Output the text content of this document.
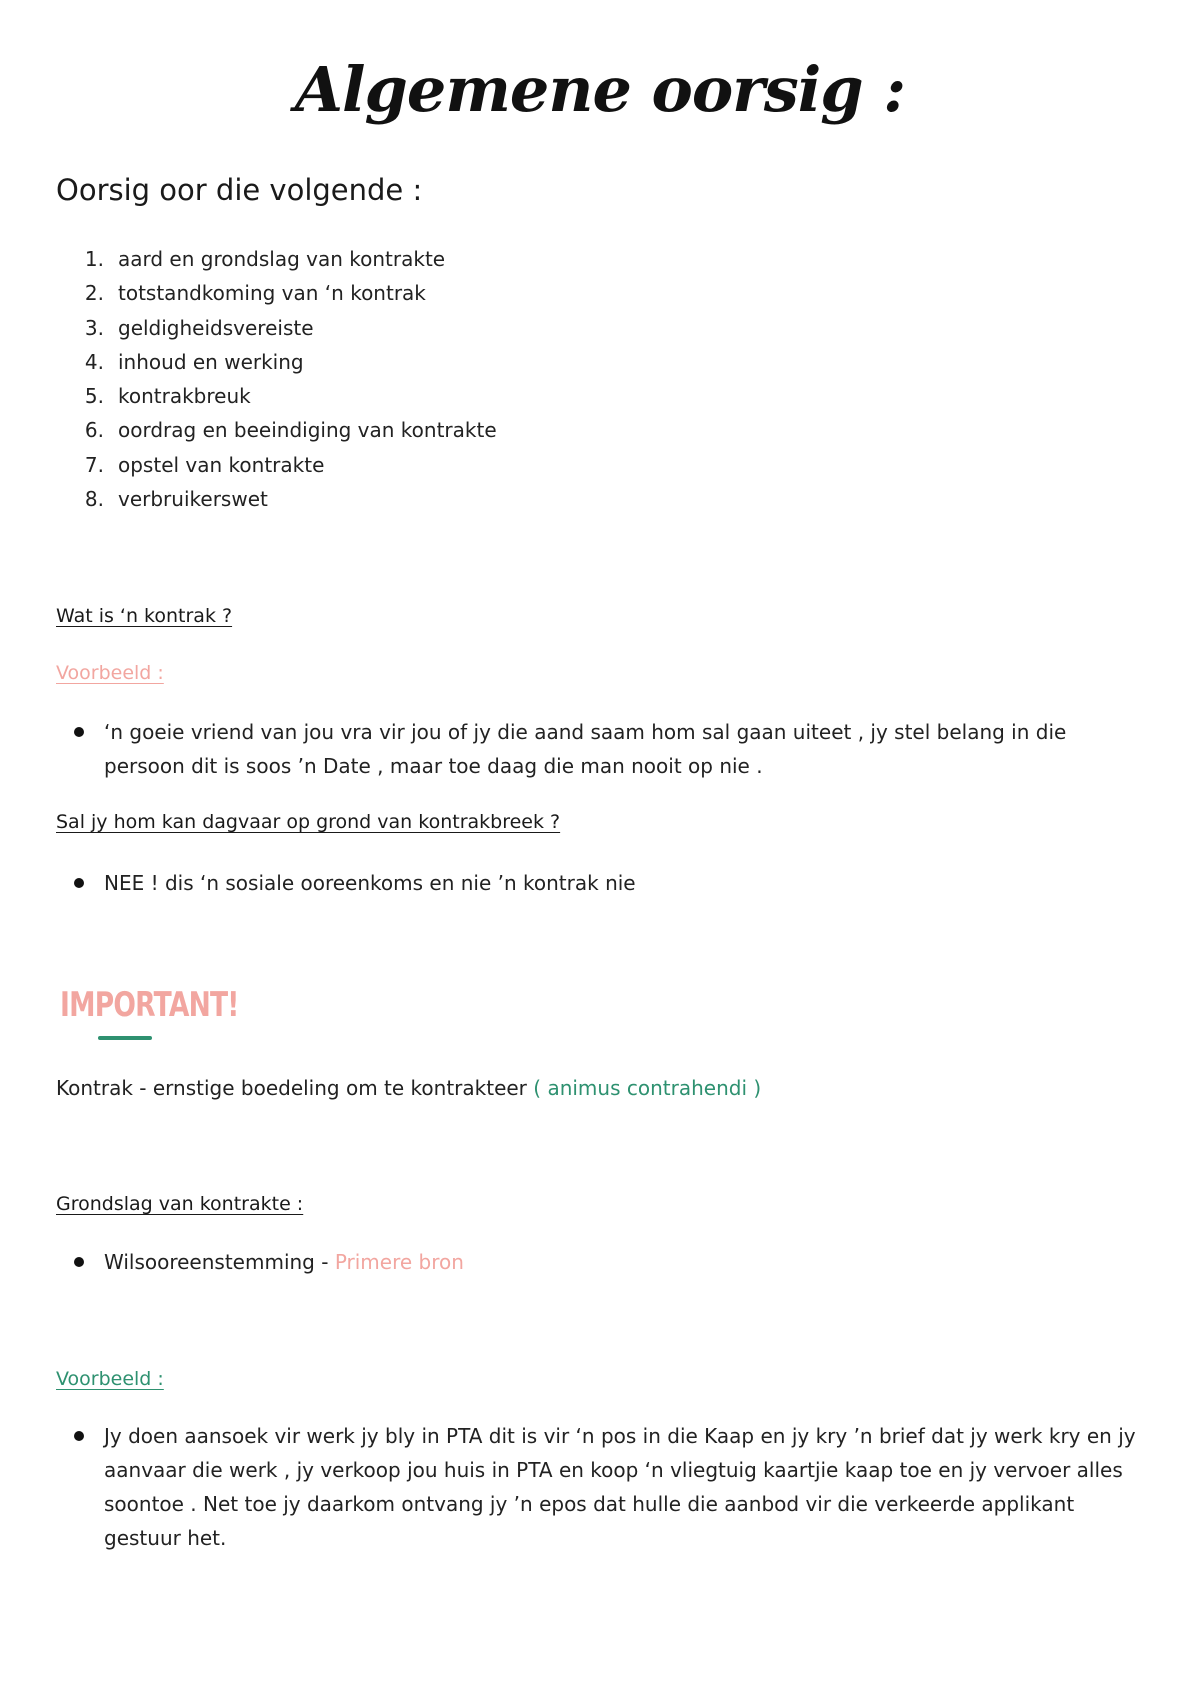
Algemene oorsig :
Oorsig oor die volgende :
1. aard en grondslag van kontrakte
2. totstandkoming van ‘n kontrak
3. geldigheidsvereiste
4. inhoud en werking
5. kontrakbreuk
6. oordrag en beeindiging van kontrakte
7. opstel van kontrakte
8. verbruikerswet
Wat is ‘n kontrak ?
Voorbeeld :
‘n goeie vriend van jou vra vir jou of jy die aand saam hom sal gaan uiteet , jy stel belang in die persoon dit is soos ’n Date , maar toe daag die man nooit op nie .
Sal jy hom kan dagvaar op grond van kontrakbreek ?
NEE ! dis ‘n sosiale ooreenkoms en nie ’n kontrak nie
IMPORTANT!
Kontrak - ernstige boedeling om te kontrakteer ( animus contrahendi )
Grondslag van kontrakte :
Wilsooreenstemming - Primere bron
Voorbeeld :
Jy doen aansoek vir werk jy bly in PTA dit is vir ‘n pos in die Kaap en jy kry ’n brief dat jy werk kry en jy aanvaar die werk , jy verkoop jou huis in PTA en koop ‘n vliegtuig kaartjie kaap toe en jy vervoer alles soontoe . Net toe jy daarkom ontvang jy ’n epos dat hulle die aanbod vir die verkeerde applikant gestuur het.
